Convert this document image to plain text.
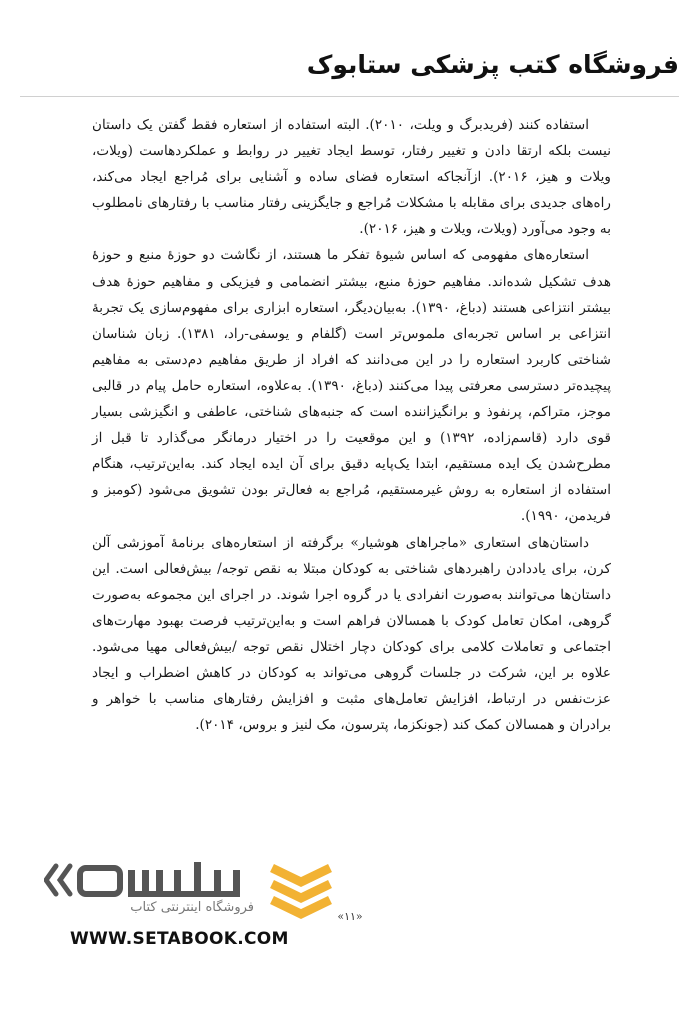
فروشگاه کتب پزشکی ستابوک

استفاده کنند (فریدبرگ و ویلت، ۲۰۱۰). البته استفاده از استعاره فقط گفتن یک داستان نیست بلکه ارتقا دادن و تغییر رفتار، توسط ایجاد تغییر در روابط و عملکردهاست (ویلات، ویلات و هیز، ۲۰۱۶). ازآنجاکه استعاره فضای ساده و آشنایی برای مُراجع ایجاد می‌کند، راه‌های جدیدی برای مقابله با مشکلات مُراجع و جایگزینی رفتار مناسب با رفتارهای نامطلوب به وجود می‌آورد (ویلات، ویلات و هیز، ۲۰۱۶).

استعاره‌های مفهومی که اساس شیوۀ تفکر ما هستند، از نگاشت دو حوزۀ منبع و حوزۀ هدف تشکیل شده‌اند. مفاهیم حوزۀ منبع، بیشتر انضمامی و فیزیکی و مفاهیم حوزۀ هدف بیشتر انتزاعی هستند (دباغ، ۱۳۹۰). به‌بیان‌دیگر، استعاره ابزاری برای مفهوم‌سازی یک تجربۀ انتزاعی بر اساس تجربه‌ای ملموس‌تر است (گلفام و یوسفی-راد، ۱۳۸۱). زبان شناسان شناختی کاربرد استعاره را در این می‌دانند که افراد از طریق مفاهیم دم‌دستی به مفاهیم پیچیده‌تر دسترسی معرفتی پیدا می‌کنند (دباغ، ۱۳۹۰). به‌علاوه، استعاره حامل پیام در قالبی موجز، متراکم، پرنفوذ و برانگیزاننده است که جنبه‌های شناختی، عاطفی و انگیزشی بسیار قوی دارد (قاسم‌زاده، ۱۳۹۲) و این موقعیت را در اختیار درمانگر می‌گذارد تا قبل از مطرح‌شدن یک ایده مستقیم، ابتدا یک‌پایه دقیق برای آن ایده ایجاد کند. به‌این‌ترتیب، هنگام استفاده از استعاره به روش غیرمستقیم، مُراجع به فعال‌تر بودن تشویق می‌شود (کومبز و فریدمن، ۱۹۹۰).

داستان‌های استعاری «ماجراهای هوشیار» برگرفته از استعاره‌های برنامۀ آموزشی آلن کرن، برای یاددادن راهبردهای شناختی به کودکان مبتلا به نقص توجه/ بیش‌فعالی است. این داستان‌ها می‌توانند به‌صورت انفرادی یا در گروه اجرا شوند. در اجرای این مجموعه به‌صورت گروهی، امکان تعامل کودک با همسالان فراهم است و به‌این‌ترتیب فرصت بهبود مهارت‌های اجتماعی و تعاملات کلامی برای کودکان دچار اختلال نقص توجه /بیش‌فعالی مهیا می‌شود. علاوه بر این، شرکت در جلسات گروهی می‌تواند به کودکان در کاهش اضطراب و ایجاد عزت‌نفس در ارتباط، افزایش تعامل‌های مثبت و افزایش رفتارهای مناسب با خواهر و برادران و همسالان کمک کند (جونکزما، پترسون، مک لنیز و بروس، ۲۰۱۴).

فروشگاه اینترنتی کتاب
«۱۱»
WWW.SETABOOK.COM
